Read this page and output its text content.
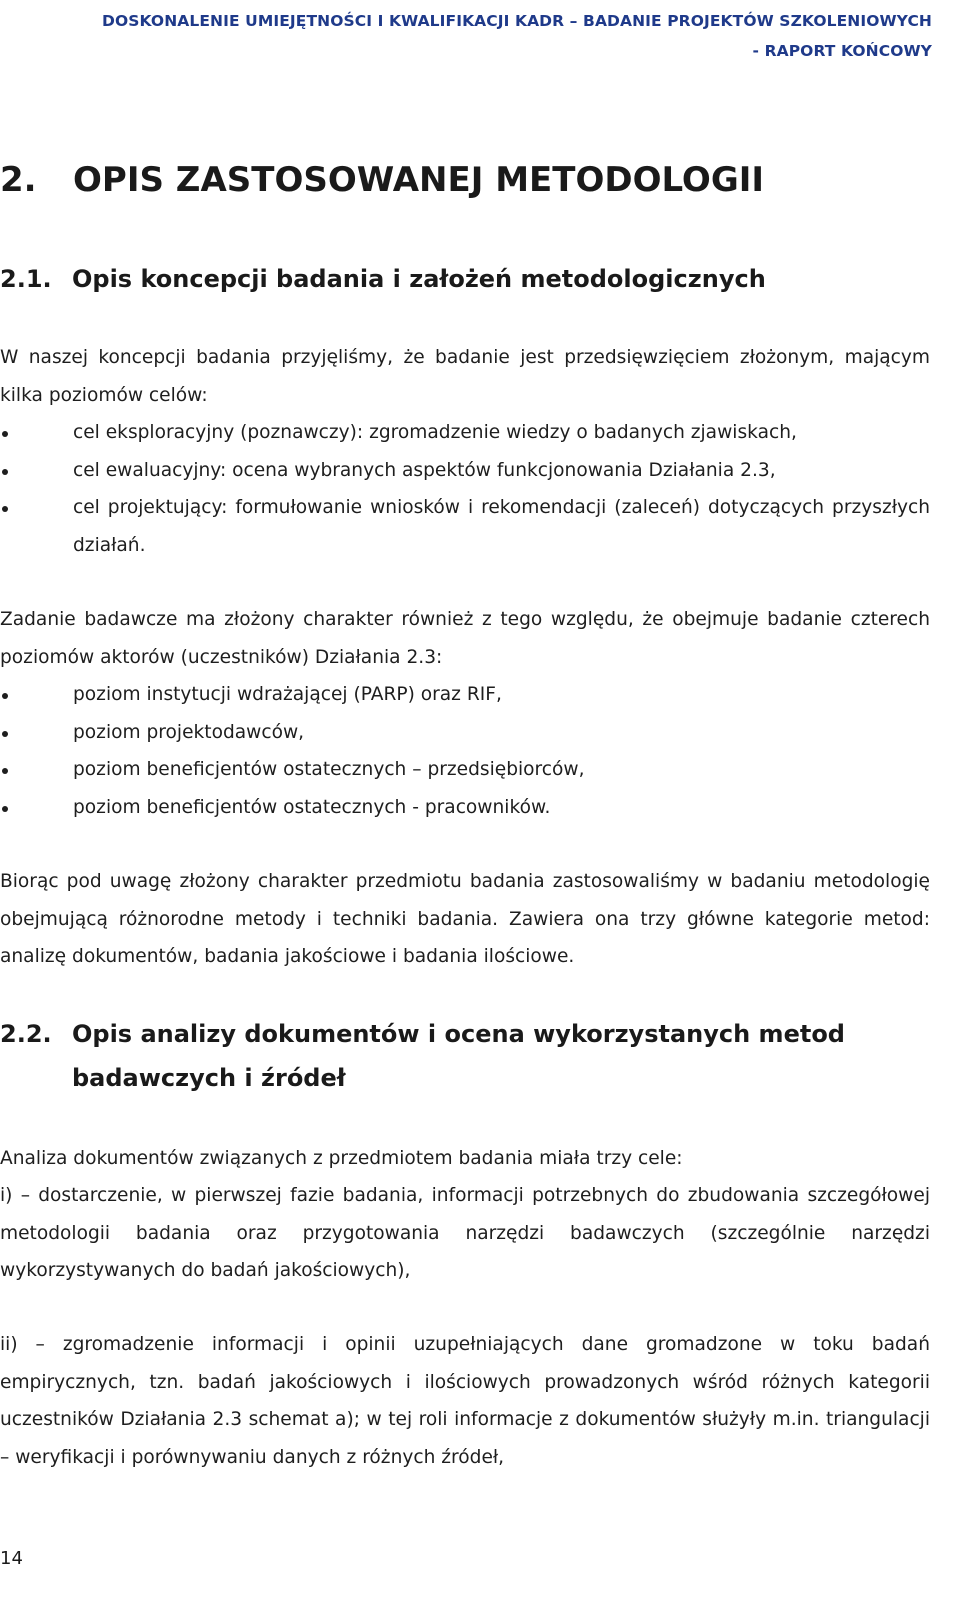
DOSKONALENIE UMIEJĘTNOŚCI I KWALIFIKACJI KADR – BADANIE PROJEKTÓW SZKOLENIOWYCH
- RAPORT KOŃCOWY
2. OPIS ZASTOSOWANEJ METODOLOGII
2.1. Opis koncepcji badania i założeń metodologicznych

W naszej koncepcji badania przyjęliśmy, że badanie jest przedsięwzięciem złożonym, mającym kilka poziomów celów:

cel eksploracyjny (poznawczy): zgromadzenie wiedzy o badanych zjawiskach,
cel ewaluacyjny: ocena wybranych aspektów funkcjonowania Działania 2.3,
cel projektujący: formułowanie wniosków i rekomendacji (zaleceń) dotyczących przyszłych działań.

Zadanie badawcze ma złożony charakter również z tego względu, że obejmuje badanie czterech poziomów aktorów (uczestników) Działania 2.3:

poziom instytucji wdrażającej (PARP) oraz RIF,
poziom projektodawców,
poziom beneficjentów ostatecznych – przedsiębiorców,
poziom beneficjentów ostatecznych - pracowników.

Biorąc pod uwagę złożony charakter przedmiotu badania zastosowaliśmy w badaniu metodologię obejmującą różnorodne metody i techniki badania. Zawiera ona trzy główne kategorie metod: analizę dokumentów, badania jakościowe i badania ilościowe.

2.2. Opis analizy dokumentów i ocena wykorzystanych metod badawczych i źródeł

Analiza dokumentów związanych z przedmiotem badania miała trzy cele:

i) – dostarczenie, w pierwszej fazie badania, informacji potrzebnych do zbudowania szczegółowej metodologii badania oraz przygotowania narzędzi badawczych (szczególnie narzędzi wykorzystywanych do badań jakościowych),

ii) – zgromadzenie informacji i opinii uzupełniających dane gromadzone w toku badań empirycznych, tzn. badań jakościowych i ilościowych prowadzonych wśród różnych kategorii uczestników Działania 2.3 schemat a); w tej roli informacje z dokumentów służyły m.in. triangulacji – weryfikacji i porównywaniu danych z różnych źródeł,

14
